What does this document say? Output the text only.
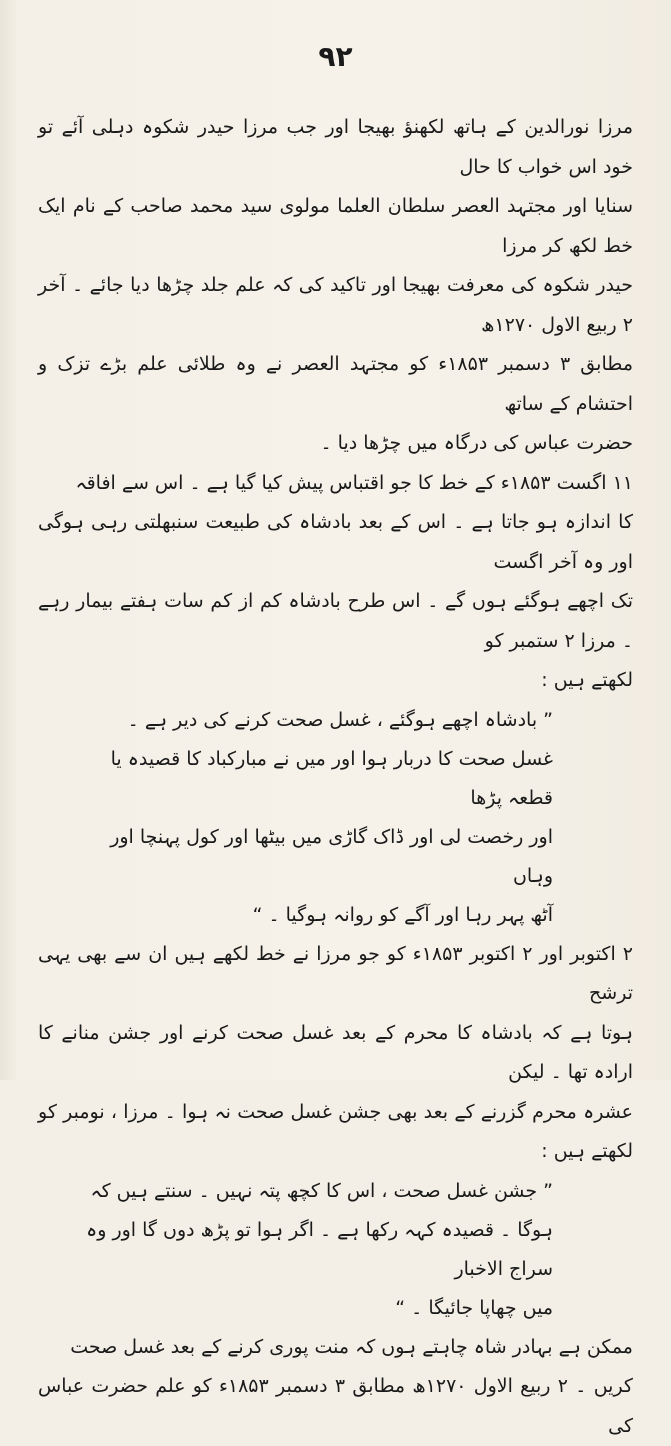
۹۲

مرزا نورالدین کے ہاتھ لکھنؤ بھیجا اور جب مرزا حیدر شکوہ دہلی آئے تو خود اس خواب کا حال
سنایا اور مجتہد العصر سلطان العلما مولوی سید محمد صاحب کے نام ایک خط لکھ کر مرزا
حیدر شکوہ کی معرفت بھیجا اور تاکید کی کہ علم جلد چڑھا دیا جائے ۔ آخر ۲ ربیع الاول ۱۲۷۰ھ
مطابق ۳ دسمبر ۱۸۵۳ء کو مجتہد العصر نے وہ طلائی علم بڑے تزک و احتشام کے ساتھ
حضرت عباس کی درگاہ میں چڑھا دیا ۔

۱۱ اگست ۱۸۵۳ء کے خط کا جو اقتباس پیش کیا گیا ہے ۔ اس سے افاقہ
کا اندازہ ہو جاتا ہے ۔ اس کے بعد بادشاہ کی طبیعت سنبھلتی رہی ہوگی اور وہ آخر اگست
تک اچھے ہوگئے ہوں گے ۔ اس طرح بادشاہ کم از کم سات ہفتے بیمار رہے ۔ مرزا ۲ ستمبر کو
لکھتے ہیں :

” بادشاہ اچھے ہوگئے ، غسل صحت کرنے کی دیر ہے ۔
غسل صحت کا دربار ہوا اور میں نے مبارکباد کا قصیدہ یا قطعہ پڑھا
اور رخصت لی اور ڈاک گاڑی میں بیٹھا اور کول پہنچا اور وہاں
آٹھ پہر رہا اور آگے کو روانہ ہوگیا ۔ “

۲ اکتوبر اور ۲ اکتوبر ۱۸۵۳ء کو جو مرزا نے خط لکھے ہیں ان سے بھی یہی ترشح
ہوتا ہے کہ بادشاہ کا محرم کے بعد غسل صحت کرنے اور جشن منانے کا ارادہ تھا ۔ لیکن
عشرہ محرم گزرنے کے بعد بھی جشن غسل صحت نہ ہوا ۔ مرزا ، نومبر کو لکھتے ہیں :

” جشن غسل صحت ، اس کا کچھ پتہ نہیں ۔ سنتے ہیں کہ
ہوگا ۔ قصیدہ کہہ رکھا ہے ۔ اگر ہوا تو پڑھ دوں گا اور وہ سراج الاخبار
میں چھاپا جائیگا ۔ “

ممکن ہے بہادر شاہ چاہتے ہوں کہ منت پوری کرنے کے بعد غسل صحت
کریں ۔ ۲ ربیع الاول ۱۲۷۰ھ مطابق ۳ دسمبر ۱۸۵۳ء کو علم حضرت عباس کی
